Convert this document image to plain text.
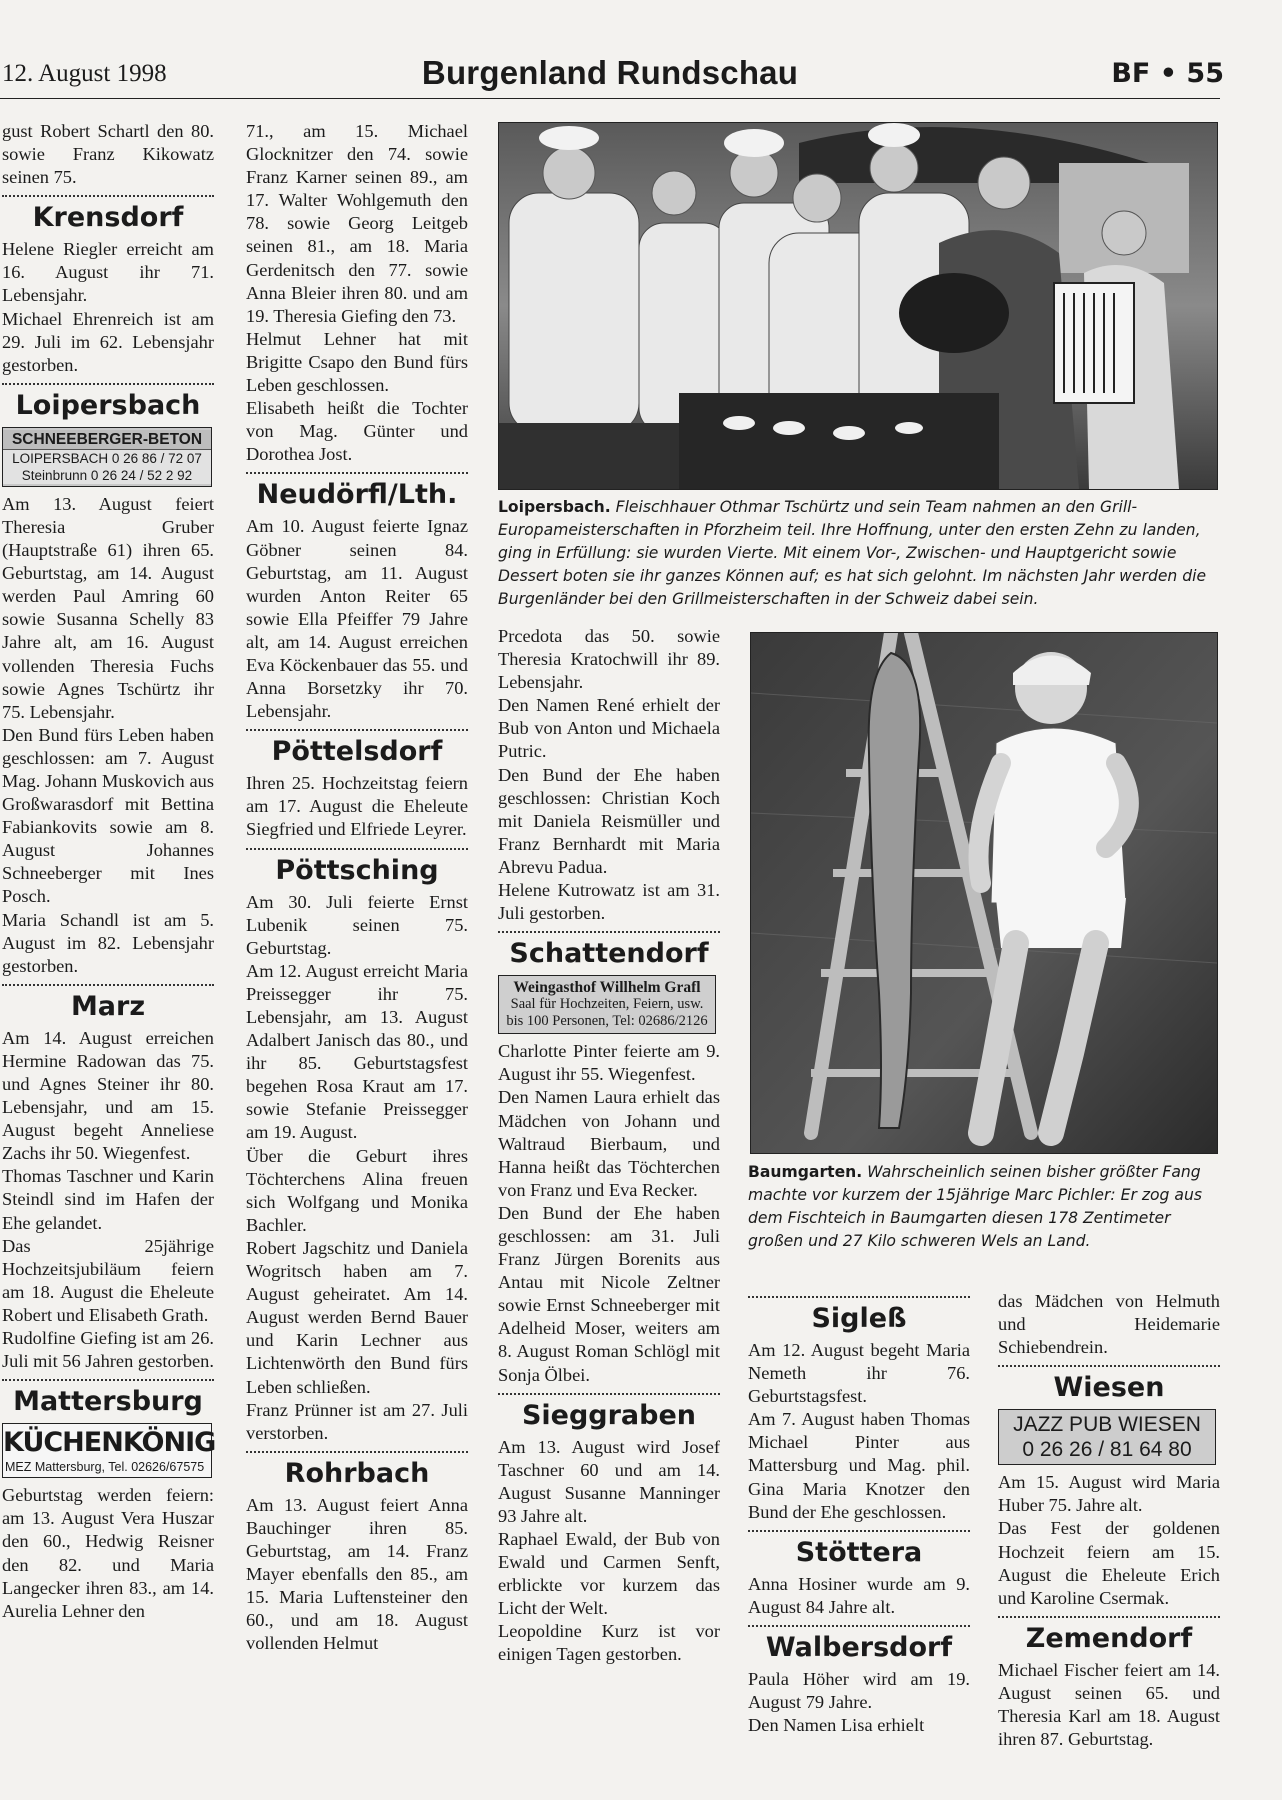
12. August 1998	Burgenland Rundschau	BF • 55

gust Robert Schartl den 80. sowie Franz Kikowatz seinen 75.

Krensdorf

Helene Riegler erreicht am 16. August ihr 71. Lebensjahr.

Michael Ehrenreich ist am 29. Juli im 62. Lebensjahr gestorben.

Loipersbach
SCHNEEBERGER-BETON
LOIPERSBACH 0 26 86 / 72 07
Steinbrunn 0 26 24 / 52 2 92

Am 13. August feiert Theresia Gruber (Hauptstraße 61) ihren 65. Geburtstag, am 14. August werden Paul Amring 60 sowie Susanna Schelly 83 Jahre alt, am 16. August vollenden Theresia Fuchs sowie Agnes Tschürtz ihr 75. Lebensjahr.

Den Bund fürs Leben haben geschlossen: am 7. August Mag. Johann Muskovich aus Großwarasdorf mit Bettina Fabiankovits sowie am 8. August Johannes Schneeberger mit Ines Posch.

Maria Schandl ist am 5. August im 82. Lebensjahr gestorben.

Marz

Am 14. August erreichen Hermine Radowan das 75. und Agnes Steiner ihr 80. Lebensjahr, und am 15. August begeht Anneliese Zachs ihr 50. Wiegenfest.

Thomas Taschner und Karin Steindl sind im Hafen der Ehe gelandet.

Das 25jährige Hochzeitsjubiläum feiern am 18. August die Eheleute Robert und Elisabeth Grath.

Rudolfine Giefing ist am 26. Juli mit 56 Jahren gestorben.

Mattersburg
KÜCHENKÖNIG
MEZ Mattersburg, Tel. 02626/67575

Geburtstag werden feiern: am 13. August Vera Huszar den 60., Hedwig Reisner den 82. und Maria Langecker ihren 83., am 14. Aurelia Lehner den

71., am 15. Michael Glocknitzer den 74. sowie Franz Karner seinen 89., am 17. Walter Wohlgemuth den 78. sowie Georg Leitgeb seinen 81., am 18. Maria Gerdenitsch den 77. sowie Anna Bleier ihren 80. und am 19. Theresia Giefing den 73.

Helmut Lehner hat mit Brigitte Csapo den Bund fürs Leben geschlossen.

Elisabeth heißt die Tochter von Mag. Günter und Dorothea Jost.

Neudörfl/Lth.

Am 10. August feierte Ignaz Göbner seinen 84. Geburtstag, am 11. August wurden Anton Reiter 65 sowie Ella Pfeiffer 79 Jahre alt, am 14. August erreichen Eva Köckenbauer das 55. und Anna Borsetzky ihr 70. Lebensjahr.

Pöttelsdorf

Ihren 25. Hochzeitstag feiern am 17. August die Eheleute Siegfried und Elfriede Leyrer.

Pöttsching

Am 30. Juli feierte Ernst Lubenik seinen 75. Geburtstag.

Am 12. August erreicht Maria Preissegger ihr 75. Lebensjahr, am 13. August Adalbert Janisch das 80., und ihr 85. Geburtstagsfest begehen Rosa Kraut am 17. sowie Stefanie Preissegger am 19. August.

Über die Geburt ihres Töchterchens Alina freuen sich Wolfgang und Monika Bachler.

Robert Jagschitz und Daniela Wogritsch haben am 7. August geheiratet. Am 14. August werden Bernd Bauer und Karin Lechner aus Lichtenwörth den Bund fürs Leben schließen.

Franz Prünner ist am 27. Juli verstorben.

Rohrbach

Am 13. August feiert Anna Bauchinger ihren 85. Geburtstag, am 14. Franz Mayer ebenfalls den 85., am 15. Maria Luftensteiner den 60., und am 18. August vollenden Helmut

Loipersbach. Fleischhauer Othmar Tschürtz und sein Team nahmen an den Grill-Europameisterschaften in Pforzheim teil. Ihre Hoffnung, unter den ersten Zehn zu landen, ging in Erfüllung: sie wurden Vierte. Mit einem Vor-, Zwischen- und Hauptgericht sowie Dessert boten sie ihr ganzes Können auf; es hat sich gelohnt. Im nächsten Jahr werden die Burgenländer bei den Grillmeisterschaften in der Schweiz dabei sein.

Prcedota das 50. sowie Theresia Kratochwill ihr 89. Lebensjahr.

Den Namen René erhielt der Bub von Anton und Michaela Putric.

Den Bund der Ehe haben geschlossen: Christian Koch mit Daniela Reismüller und Franz Bernhardt mit Maria Abrevu Padua.

Helene Kutrowatz ist am 31. Juli gestorben.

Schattendorf
Weingasthof Willhelm Grafl
Saal für Hochzeiten, Feiern, usw.
bis 100 Personen, Tel: 02686/2126

Charlotte Pinter feierte am 9. August ihr 55. Wiegenfest.

Den Namen Laura erhielt das Mädchen von Johann und Waltraud Bierbaum, und Hanna heißt das Töchterchen von Franz und Eva Recker.

Den Bund der Ehe haben geschlossen: am 31. Juli Franz Jürgen Borenits aus Antau mit Nicole Zeltner sowie Ernst Schneeberger mit Adelheid Moser, weiters am 8. August Roman Schlögl mit Sonja Ölbei.

Sieggraben

Am 13. August wird Josef Taschner 60 und am 14. August Susanne Manninger 93 Jahre alt.

Raphael Ewald, der Bub von Ewald und Carmen Senft, erblickte vor kurzem das Licht der Welt.

Leopoldine Kurz ist vor einigen Tagen gestorben.

Baumgarten. Wahrscheinlich seinen bisher größter Fang machte vor kurzem der 15jährige Marc Pichler: Er zog aus dem Fischteich in Baumgarten diesen 178 Zentimeter großen und 27 Kilo schweren Wels an Land.
Sigleß

Am 12. August begeht Maria Nemeth ihr 76. Geburtstagsfest.

Am 7. August haben Thomas Michael Pinter aus Mattersburg und Mag. phil. Gina Maria Knotzer den Bund der Ehe geschlossen.

Stöttera

Anna Hosiner wurde am 9. August 84 Jahre alt.

Walbersdorf

Paula Höher wird am 19. August 79 Jahre.

Den Namen Lisa erhielt

das Mädchen von Helmuth und Heidemarie Schiebendrein.

Wiesen
JAZZ PUB WIESEN
0 26 26 / 81 64 80

Am 15. August wird Maria Huber 75. Jahre alt.

Das Fest der goldenen Hochzeit feiern am 15. August die Eheleute Erich und Karoline Csermak.

Zemendorf

Michael Fischer feiert am 14. August seinen 65. und Theresia Karl am 18. August ihren 87. Geburtstag.
